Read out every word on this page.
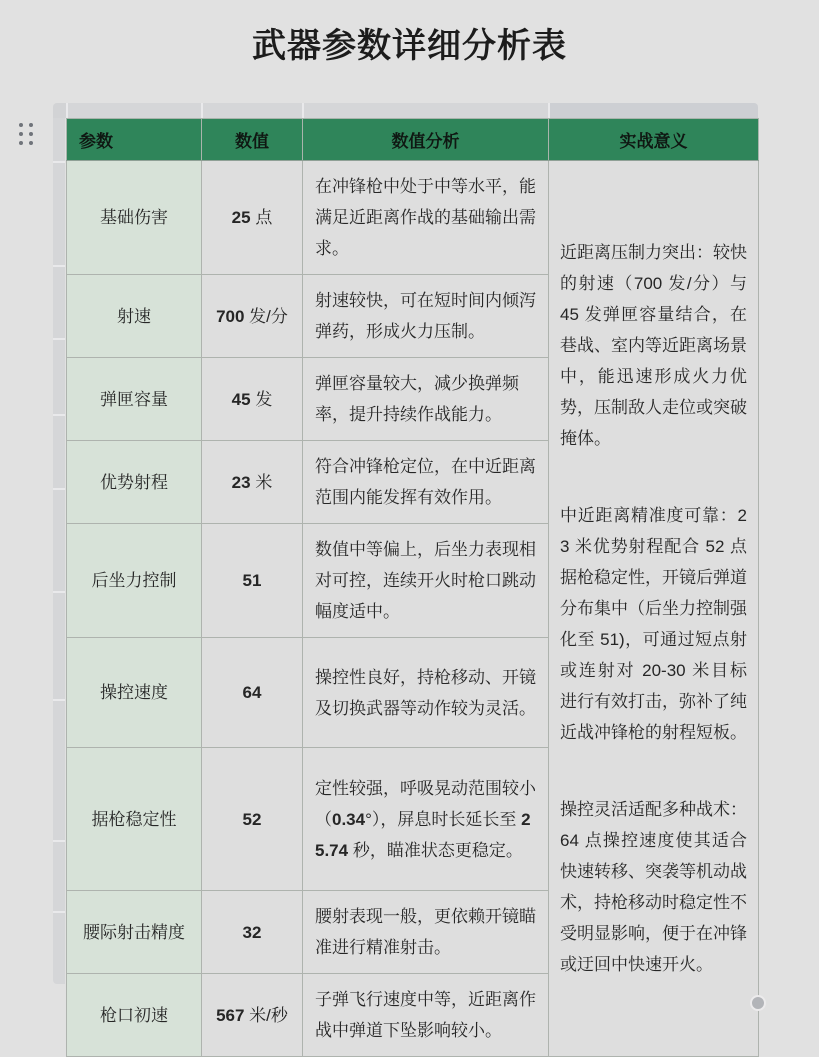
武器参数详细分析表
参数	数值	数值分析	实战意义
基础伤害	25 点	在冲锋枪中处于中等水平，能满足近距离作战的基础输出需求。	近距离压制力突出：较快的射速（700 发/分）与 45 发弹匣容量结合，在巷战、室内等近距离场景中，能迅速形成火力优势，压制敌人走位或突破掩体。

中近距离精准度可靠：23 米优势射程配合 52 点据枪稳定性，开镜后弹道分布集中（后坐力控制强化至 51)，可通过短点射或连射对 20-30 米目标进行有效打击，弥补了纯近战冲锋枪的射程短板。

操控灵活适配多种战术：64 点操控速度使其适合快速转移、突袭等机动战术，持枪移动时稳定性不受明显影响，便于在冲锋或迂回中快速开火。

射速	700 发/分	射速较快，可在短时间内倾泻弹药，形成火力压制。	
弹匣容量	45 发	弹匣容量较大，减少换弹频率，提升持续作战能力。	
优势射程	23 米	符合冲锋枪定位，在中近距离范围内能发挥有效作用。	
后坐力控制	51	数值中等偏上，后坐力表现相对可控，连续开火时枪口跳动幅度适中。	
操控速度	64	操控性良好，持枪移动、开镜及切换武器等动作较为灵活。	
据枪稳定性	52	定性较强，呼吸晃动范围较小（0.34°），屏息时长延长至 25.74 秒，瞄准状态更稳定。	
腰际射击精度	32	腰射表现一般，更依赖开镜瞄准进行精准射击。	
枪口初速	567 米/秒	子弹飞行速度中等，近距离作战中弹道下坠影响较小。	
